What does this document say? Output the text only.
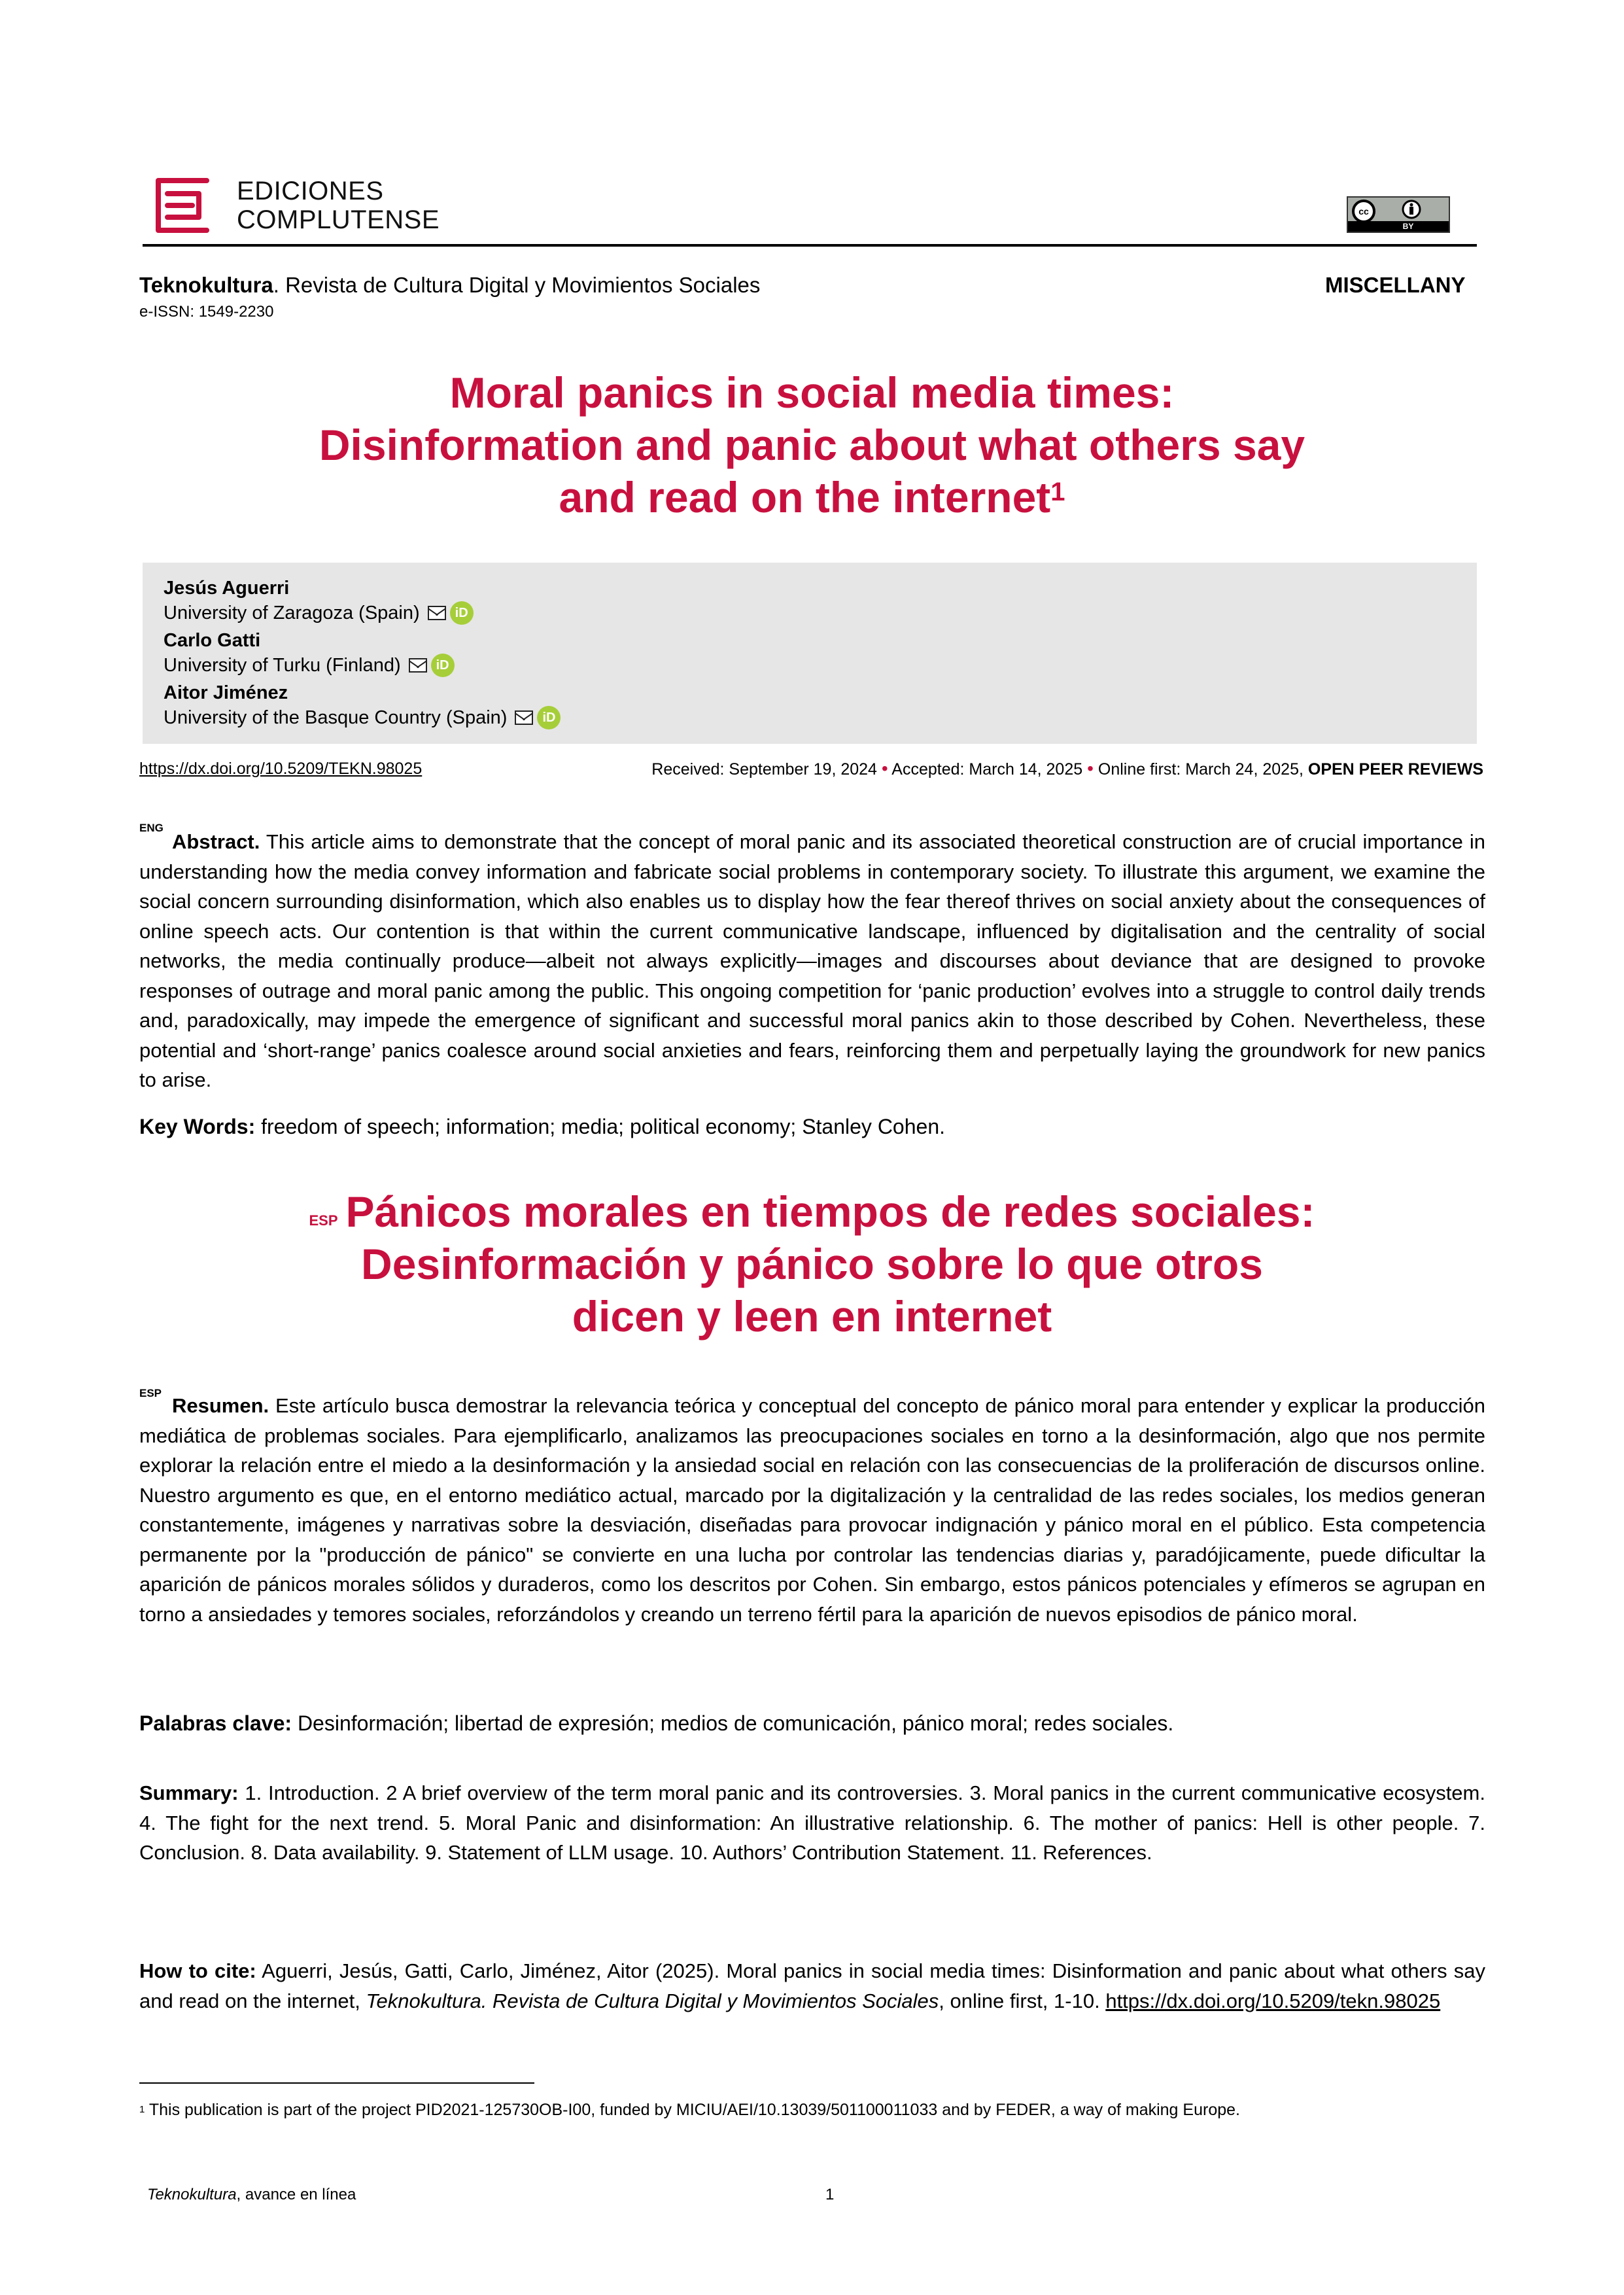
EDICIONES
COMPLUTENSE	cc
BY
Teknokultura. Revista de Cultura Digital y Movimientos Sociales
e-ISSN: 1549-2230
MISCELLANY
Moral panics in social media times:
Disinformation and panic about what others say
and read on the internet$^1$
Jesús Aguerri
University of Zaragoza (Spain)	iD
Carlo Gatti
University of Turku (Finland)	iD
Aitor Jiménez
University of the Basque Country (Spain)	iD
https://dx.doi.org/10.5209/TEKN.98025	Received: September 19, 2024 • Accepted: March 14, 2025 • Online first: March 24, 2025, OPEN PEER REVIEWS
ENG
Abstract. This article aims to demonstrate that the concept of moral panic and its associated theoretical construction are of crucial importance in understanding how the media convey information and fabricate social problems in contemporary society. To illustrate this argument, we examine the social concern surrounding disinformation, which also enables us to display how the fear thereof thrives on social anxiety about the consequences of online speech acts. Our contention is that within the current communicative landscape, influenced by digitalisation and the centrality of social networks, the media continually produce—albeit not always explicitly—images and discourses about deviance that are designed to provoke responses of outrage and moral panic among the public. This ongoing competition for ‘panic production’ evolves into a struggle to control daily trends and, paradoxically, may impede the emergence of significant and successful moral panics akin to those described by Cohen. Nevertheless, these potential and ‘short-range’ panics coalesce around social anxieties and fears, reinforcing them and perpetually laying the groundwork for new panics to arise.
Key Words: freedom of speech; information; media; political economy; Stanley Cohen.
$^{ESP}$ Pánicos morales en tiempos de redes sociales:
Desinformación y pánico sobre lo que otros
dicen y leen en internet
ESP
Resumen. Este artículo busca demostrar la relevancia teórica y conceptual del concepto de pánico moral para entender y explicar la producción mediática de problemas sociales. Para ejemplificarlo, analizamos las preocupaciones sociales en torno a la desinformación, algo que nos permite explorar la relación entre el miedo a la desinformación y la ansiedad social en relación con las consecuencias de la proliferación de discursos online. Nuestro argumento es que, en el entorno mediático actual, marcado por la digitalización y la centralidad de las redes sociales, los medios generan constantemente, imágenes y narrativas sobre la desviación, diseñadas para provocar indignación y pánico moral en el público. Esta competencia permanente por la "producción de pánico" se convierte en una lucha por controlar las tendencias diarias y, paradójicamente, puede dificultar la aparición de pánicos morales sólidos y duraderos, como los descritos por Cohen. Sin embargo, estos pánicos potenciales y efímeros se agrupan en torno a ansiedades y temores sociales, reforzándolos y creando un terreno fértil para la aparición de nuevos episodios de pánico moral.
Palabras clave: Desinformación; libertad de expresión; medios de comunicación, pánico moral; redes sociales.
Summary: 1. Introduction. 2 A brief overview of the term moral panic and its controversies. 3. Moral panics in the current communicative ecosystem. 4. The fight for the next trend. 5. Moral Panic and disinformation: An illustrative relationship. 6. The mother of panics: Hell is other people. 7. Conclusion. 8. Data availability. 9. Statement of LLM usage. 10. Authors’ Contribution Statement. 11. References.
How to cite: Aguerri, Jesús, Gatti, Carlo, Jiménez, Aitor (2025). Moral panics in social media times: Disinformation and panic about what others say and read on the internet, Teknokultura. Revista de Cultura Digital y Movimientos Sociales, online first, 1-10. https://dx.doi.org/10.5209/tekn.98025
$^1$ This publication is part of the project PID2021-125730OB-I00, funded by MICIU/AEI/10.13039/501100011033 and by FEDER, a way of making Europe.
Teknokultura, avance en línea	1
